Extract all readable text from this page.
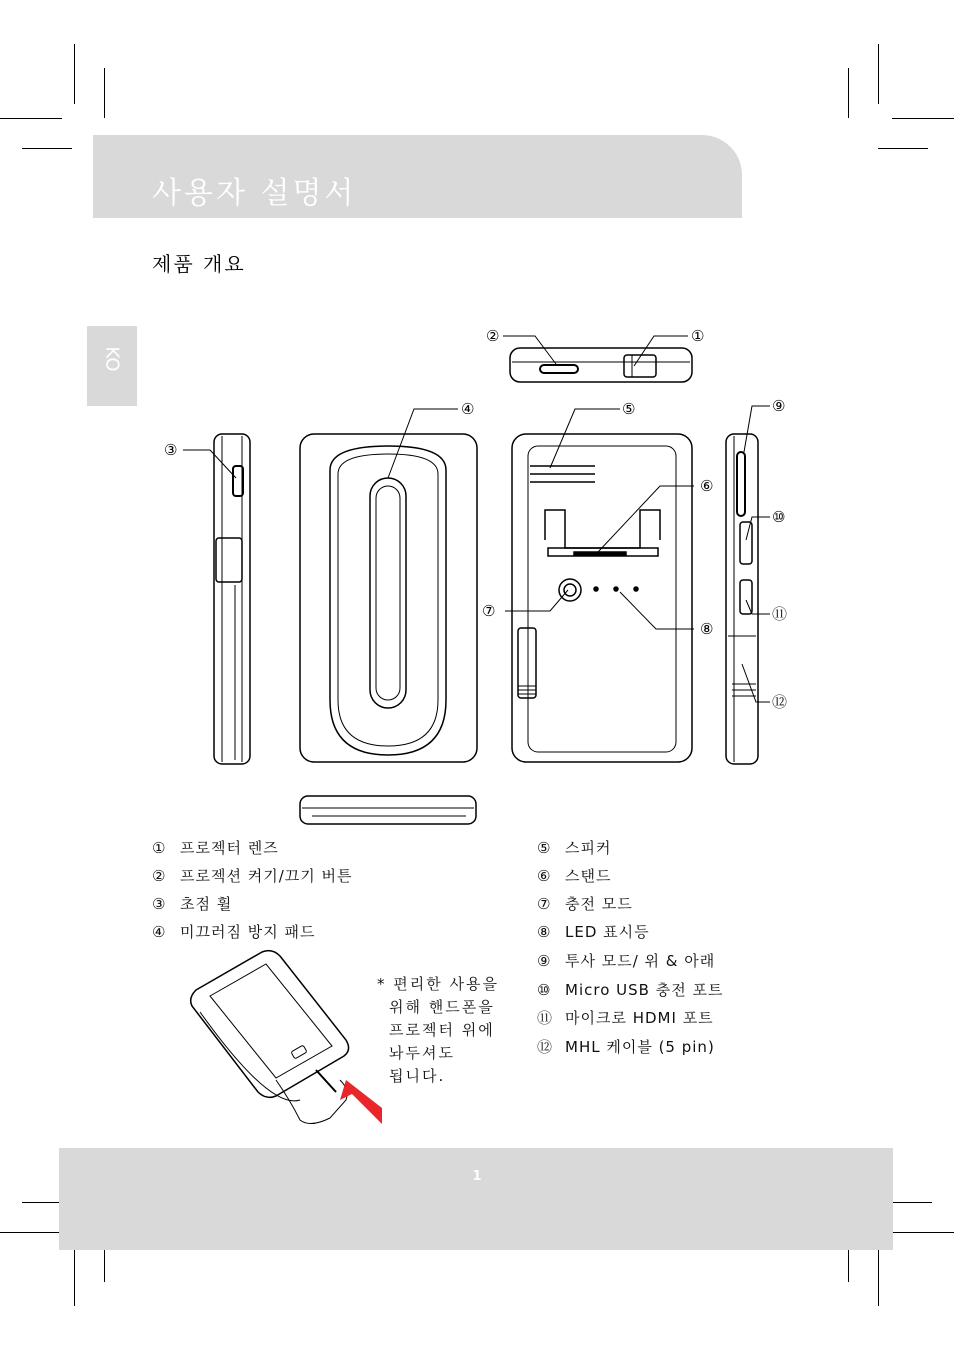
사용자 설명서
제품 개요
KO
②	①
③
④	⑤
⑥
⑦
⑧
⑨
⑩
⑪
⑫
① 프로젝터 렌즈
② 프로젝션 켜기/끄기 버튼
③ 초점 휠
④ 미끄러짐 방지 패드
⑤ 스피커
⑥ 스탠드
⑦ 충전 모드
⑧ LED 표시등
⑨ 투사 모드/ 위 & 아래
⑩ Micro USB 충전 포트
⑪ 마이크로 HDMI 포트
⑫ MHL 케이블 (5 pin)
* 편리한 사용을
위해 핸드폰을
프로젝터 위에
놔두셔도
됩니다.
1
